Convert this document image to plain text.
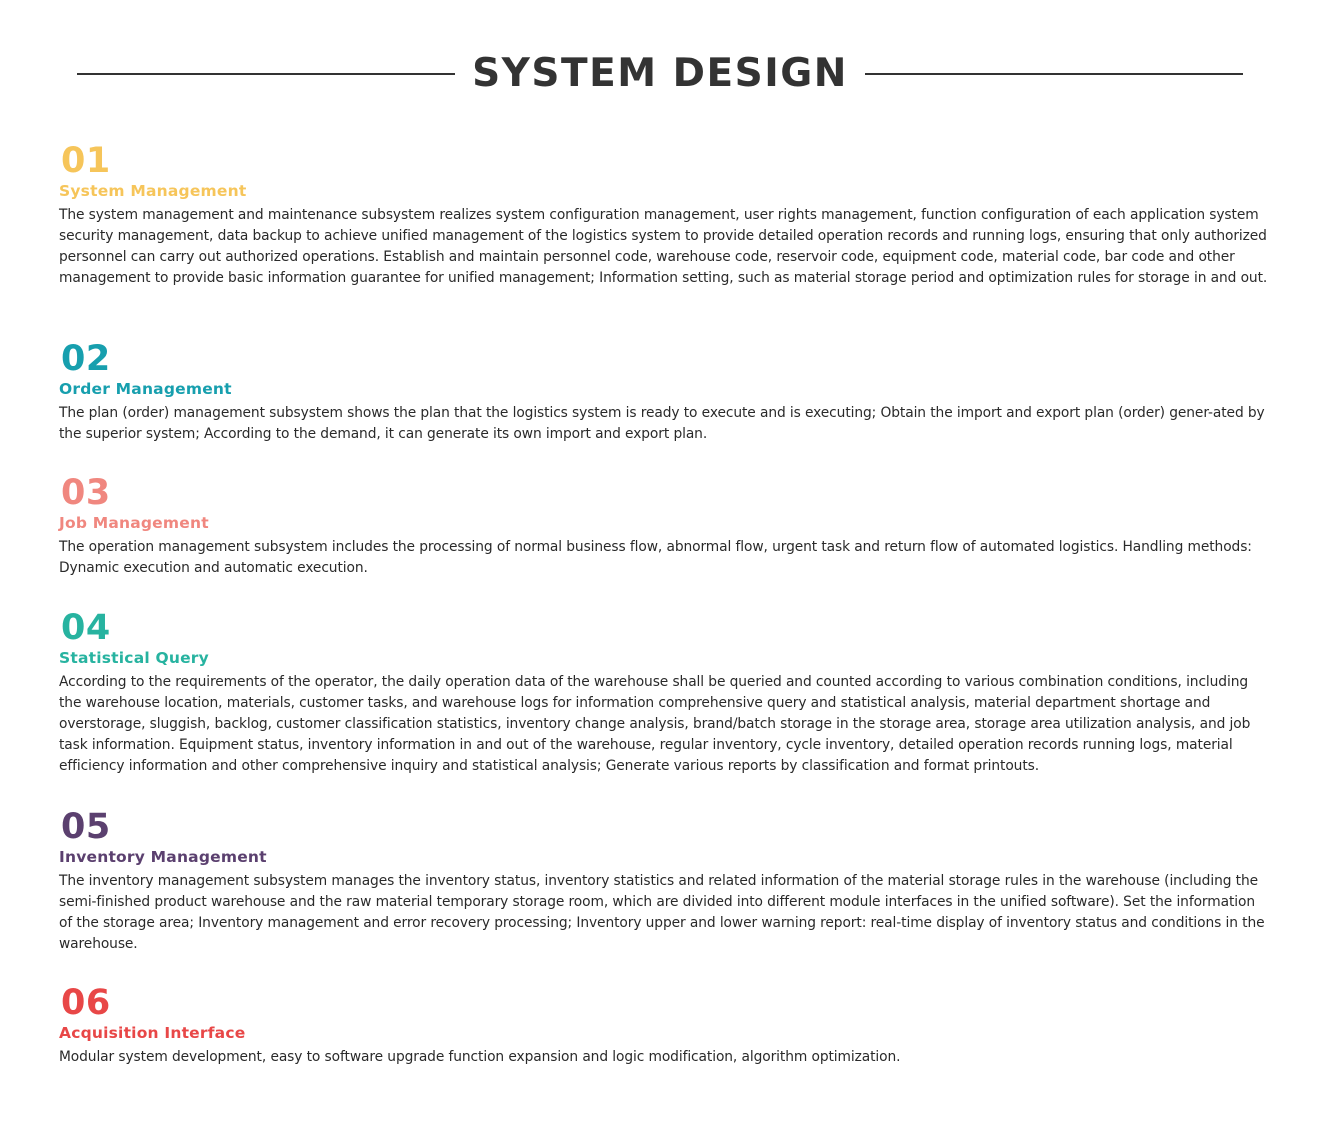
SYSTEM DESIGN
01
System Management
The system management and maintenance subsystem realizes system configuration management, user rights management, function configuration of each application system security management, data backup to achieve unified management of the logistics system to provide detailed operation records and running logs, ensuring that only authorized personnel can carry out authorized operations. Establish and maintain personnel code, warehouse code, reservoir code, equipment code, material code, bar code and other management to provide basic information guarantee for unified management; Information setting, such as material storage period and optimization rules for storage in and out.
02
Order Management
The plan (order) management subsystem shows the plan that the logistics system is ready to execute and is executing; Obtain the import and export plan (order) gener-ated by the superior system; According to the demand, it can generate its own import and export plan.
03
Job Management
The operation management subsystem includes the processing of normal business flow, abnormal flow, urgent task and return flow of automated logistics. Handling methods: Dynamic execution and automatic execution.
04
Statistical Query
According to the requirements of the operator, the daily operation data of the warehouse shall be queried and counted according to various combination conditions, including the warehouse location, materials, customer tasks, and warehouse logs for information comprehensive query and statistical analysis, material department shortage and overstorage, sluggish, backlog, customer classification statistics, inventory change analysis, brand/batch storage in the storage area, storage area utilization analysis, and job task information. Equipment status, inventory information in and out of the warehouse, regular inventory, cycle inventory, detailed operation records running logs, material efficiency information and other comprehensive inquiry and statistical analysis; Generate various reports by classification and format printouts.
05
Inventory Management
The inventory management subsystem manages the inventory status, inventory statistics and related information of the material storage rules in the warehouse (including the semi-finished product warehouse and the raw material temporary storage room, which are divided into different module interfaces in the unified software). Set the information of the storage area; Inventory management and error recovery processing; Inventory upper and lower warning report: real-time display of inventory status and conditions in the warehouse.
06
Acquisition Interface
Modular system development, easy to software upgrade function expansion and logic modification, algorithm optimization.
